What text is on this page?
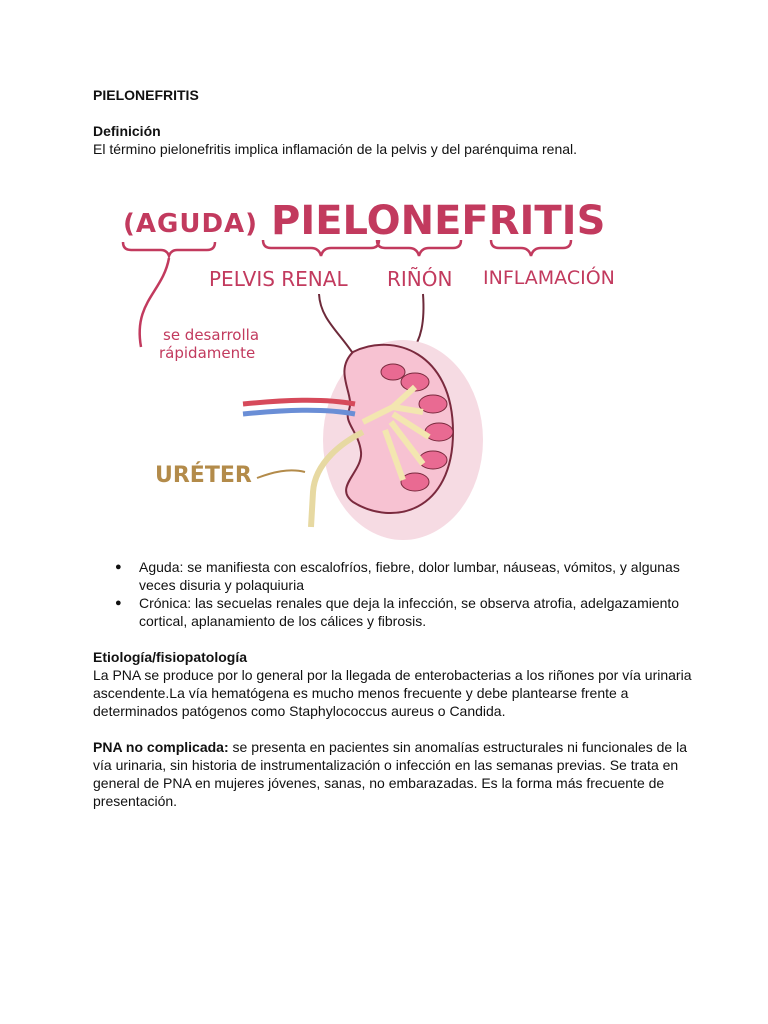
PIELONEFRITIS

Definición

El término pielonefritis implica inflamación de la pelvis y del parénquima renal.

(AGUDA) PIELONEFRITIS
PELVIS RENAL RIÑÓN INFLAMACIÓN
se desarrolla
rápidamente
URÉTER
● Aguda: se manifiesta con escalofríos, fiebre, dolor lumbar, náuseas, vómitos, y algunas veces disuria y polaquiuria
● Crónica: las secuelas renales que deja la infección, se observa atrofia, adelgazamiento cortical, aplanamiento de los cálices y fibrosis.
Etiología/fisiopatología

La PNA se produce por lo general por la llegada de enterobacterias a los riñones por vía urinaria ascendente.La vía hematógena es mucho menos frecuente y debe plantearse frente a determinados patógenos como Staphylococcus aureus o Candida.

PNA no complicada: se presenta en pacientes sin anomalías estructurales ni funcionales de la vía urinaria, sin historia de instrumentalización o infección en las semanas previas. Se trata en general de PNA en mujeres jóvenes, sanas, no embarazadas. Es la forma más frecuente de presentación.
